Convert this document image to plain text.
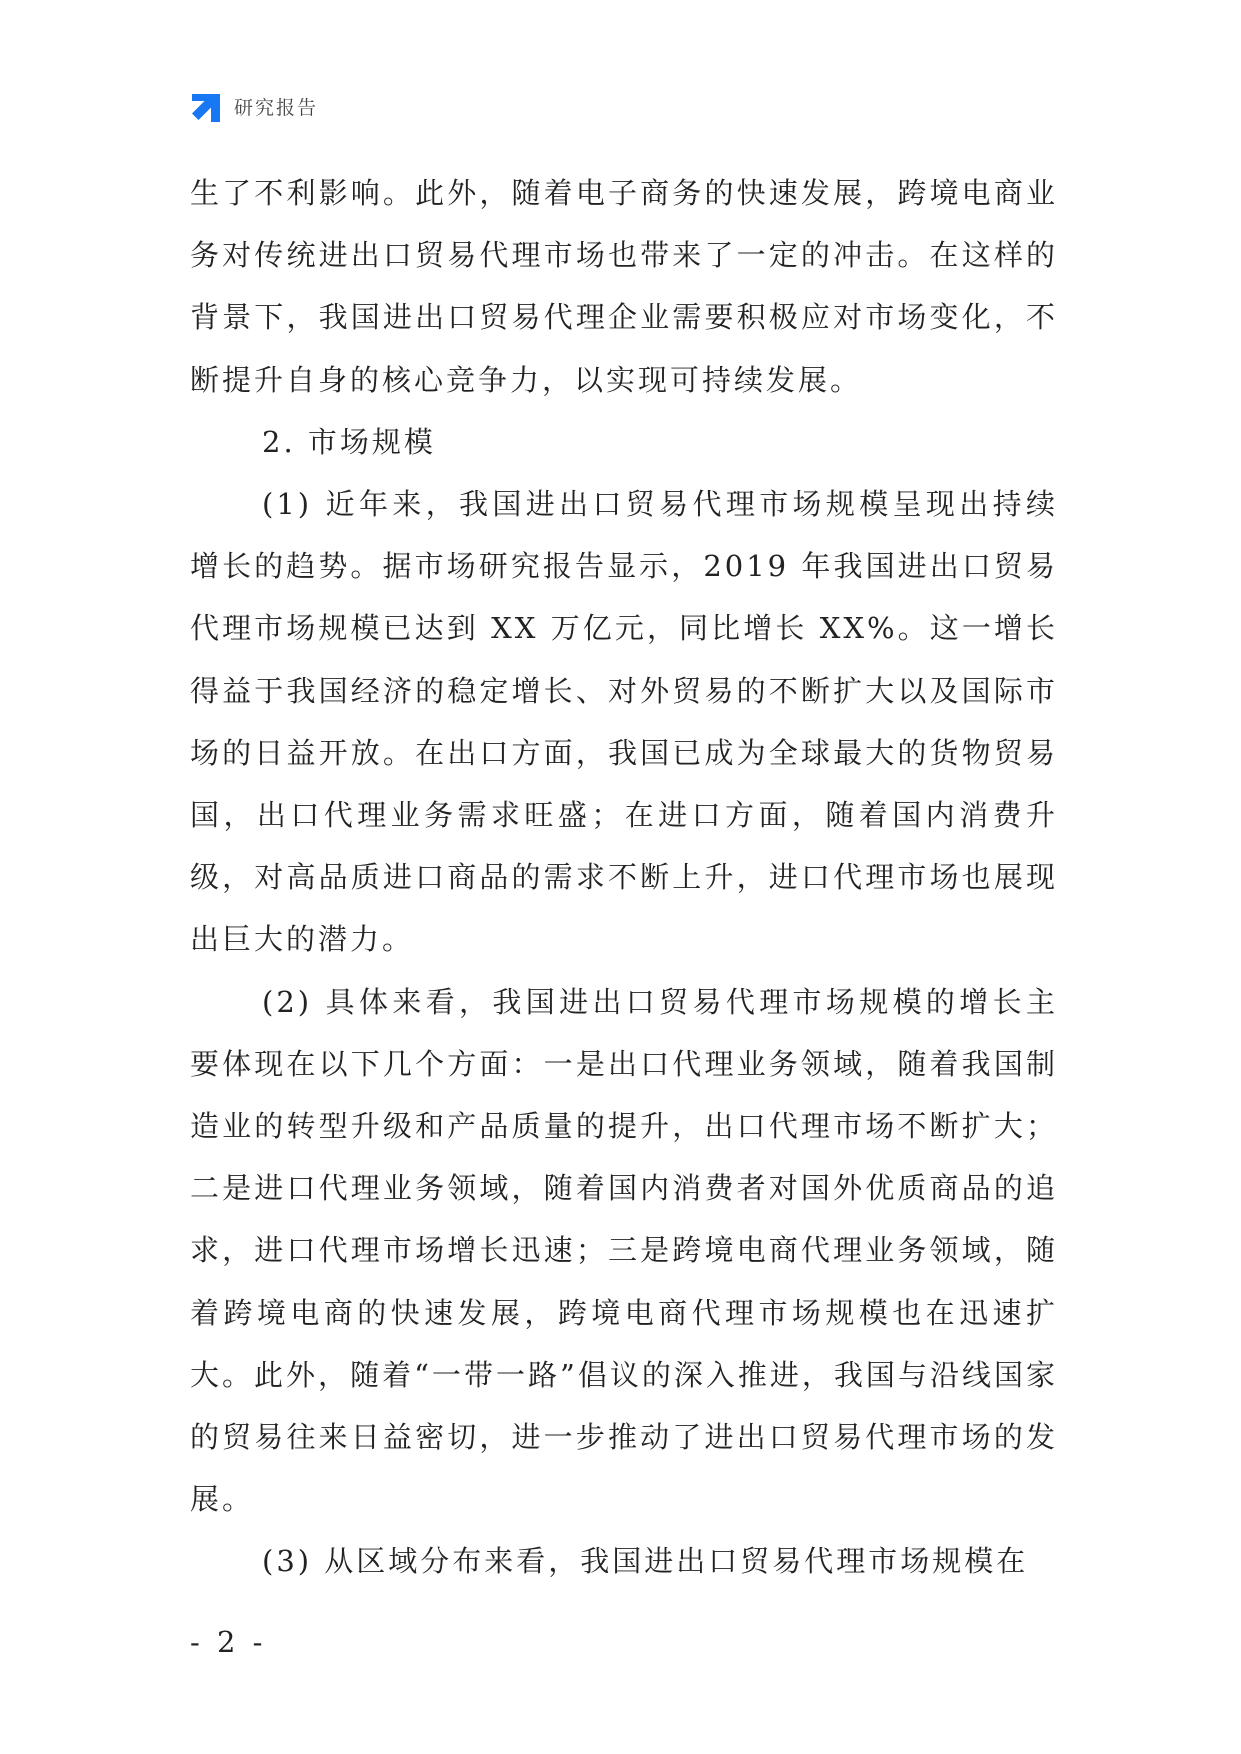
研究报告

生了不利影响。此外，随着电子商务的快速发展，跨境电商业务对传统进出口贸易代理市场也带来了一定的冲击。在这样的背景下，我国进出口贸易代理企业需要积极应对市场变化，不断提升自身的核心竞争力，以实现可持续发展。

2. 市场规模

(1) 近年来，我国进出口贸易代理市场规模呈现出持续增长的趋势。据市场研究报告显示，2019 年我国进出口贸易代理市场规模已达到 XX 万亿元，同比增长 XX%。这一增长得益于我国经济的稳定增长、对外贸易的不断扩大以及国际市场的日益开放。在出口方面，我国已成为全球最大的货物贸易国，出口代理业务需求旺盛；在进口方面，随着国内消费升级，对高品质进口商品的需求不断上升，进口代理市场也展现出巨大的潜力。

(2) 具体来看，我国进出口贸易代理市场规模的增长主要体现在以下几个方面：一是出口代理业务领域，随着我国制造业的转型升级和产品质量的提升，出口代理市场不断扩大；二是进口代理业务领域，随着国内消费者对国外优质商品的追求，进口代理市场增长迅速；三是跨境电商代理业务领域，随着跨境电商的快速发展，跨境电商代理市场规模也在迅速扩大。此外，随着“一带一路”倡议的深入推进，我国与沿线国家的贸易往来日益密切，进一步推动了进出口贸易代理市场的发展。

(3) 从区域分布来看，我国进出口贸易代理市场规模在

- 2 -
